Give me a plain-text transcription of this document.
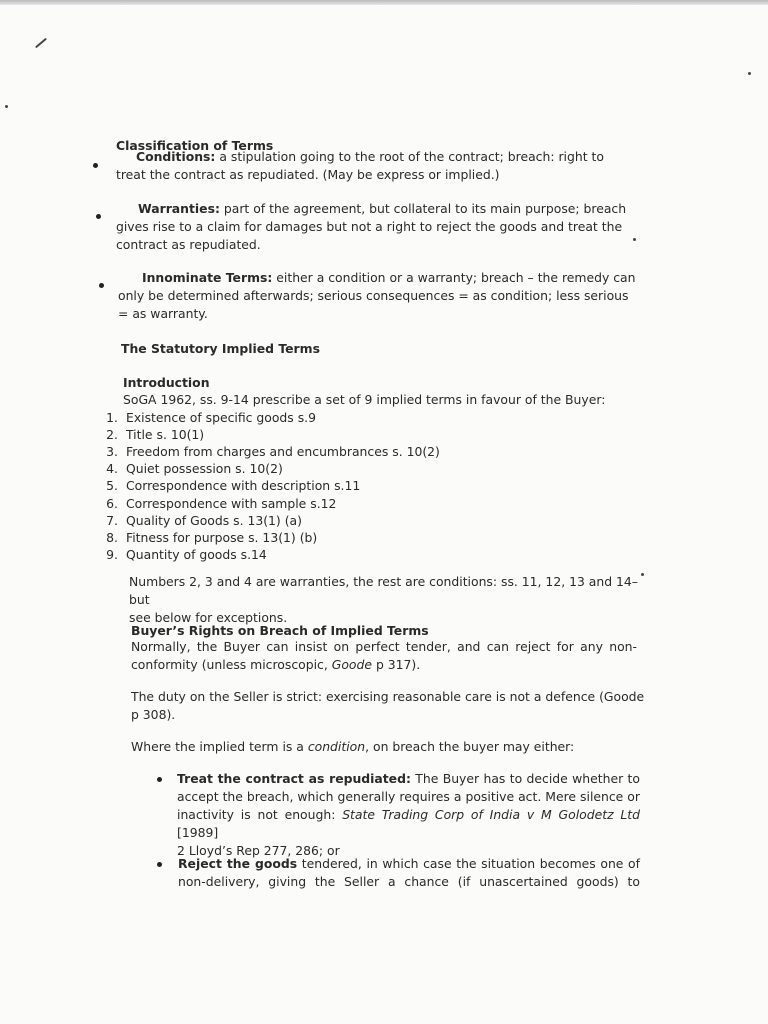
Classification of Terms
Conditions: a stipulation going to the root of the contract; breach: right to
treat the contract as repudiated. (May be express or implied.)
Warranties: part of the agreement, but collateral to its main purpose; breach
gives rise to a claim for damages but not a right to reject the goods and treat the
contract as repudiated.
Innominate Terms: either a condition or a warranty; breach – the remedy can
only be determined afterwards; serious consequences = as condition; less serious
= as warranty.
The Statutory Implied Terms
Introduction
SoGA 1962, ss. 9-14 prescribe a set of 9 implied terms in favour of the Buyer:
1. Existence of specific goods s.9
2. Title s. 10(1)
3. Freedom from charges and encumbrances s. 10(2)
4. Quiet possession s. 10(2)
5. Correspondence with description s.11
6. Correspondence with sample s.12
7. Quality of Goods s. 13(1) (a)
8. Fitness for purpose s. 13(1) (b)
9. Quantity of goods s.14
Numbers 2, 3 and 4 are warranties, the rest are conditions: ss. 11, 12, 13 and 14– but
see below for exceptions.
Buyer’s Rights on Breach of Implied Terms
Normally, the Buyer can insist on perfect tender, and can reject for any non-
conformity (unless microscopic, Goode p 317).
The duty on the Seller is strict: exercising reasonable care is not a defence (Goode
p 308).
Where the implied term is a condition, on breach the buyer may either:
Treat the contract as repudiated: The Buyer has to decide whether to
accept the breach, which generally requires a positive act. Mere silence or
inactivity is not enough: State Trading Corp of India v M Golodetz Ltd [1989]
2 Lloyd’s Rep 277, 286; or
Reject the goods tendered, in which case the situation becomes one of
non-delivery, giving the Seller a chance (if unascertained goods) to
